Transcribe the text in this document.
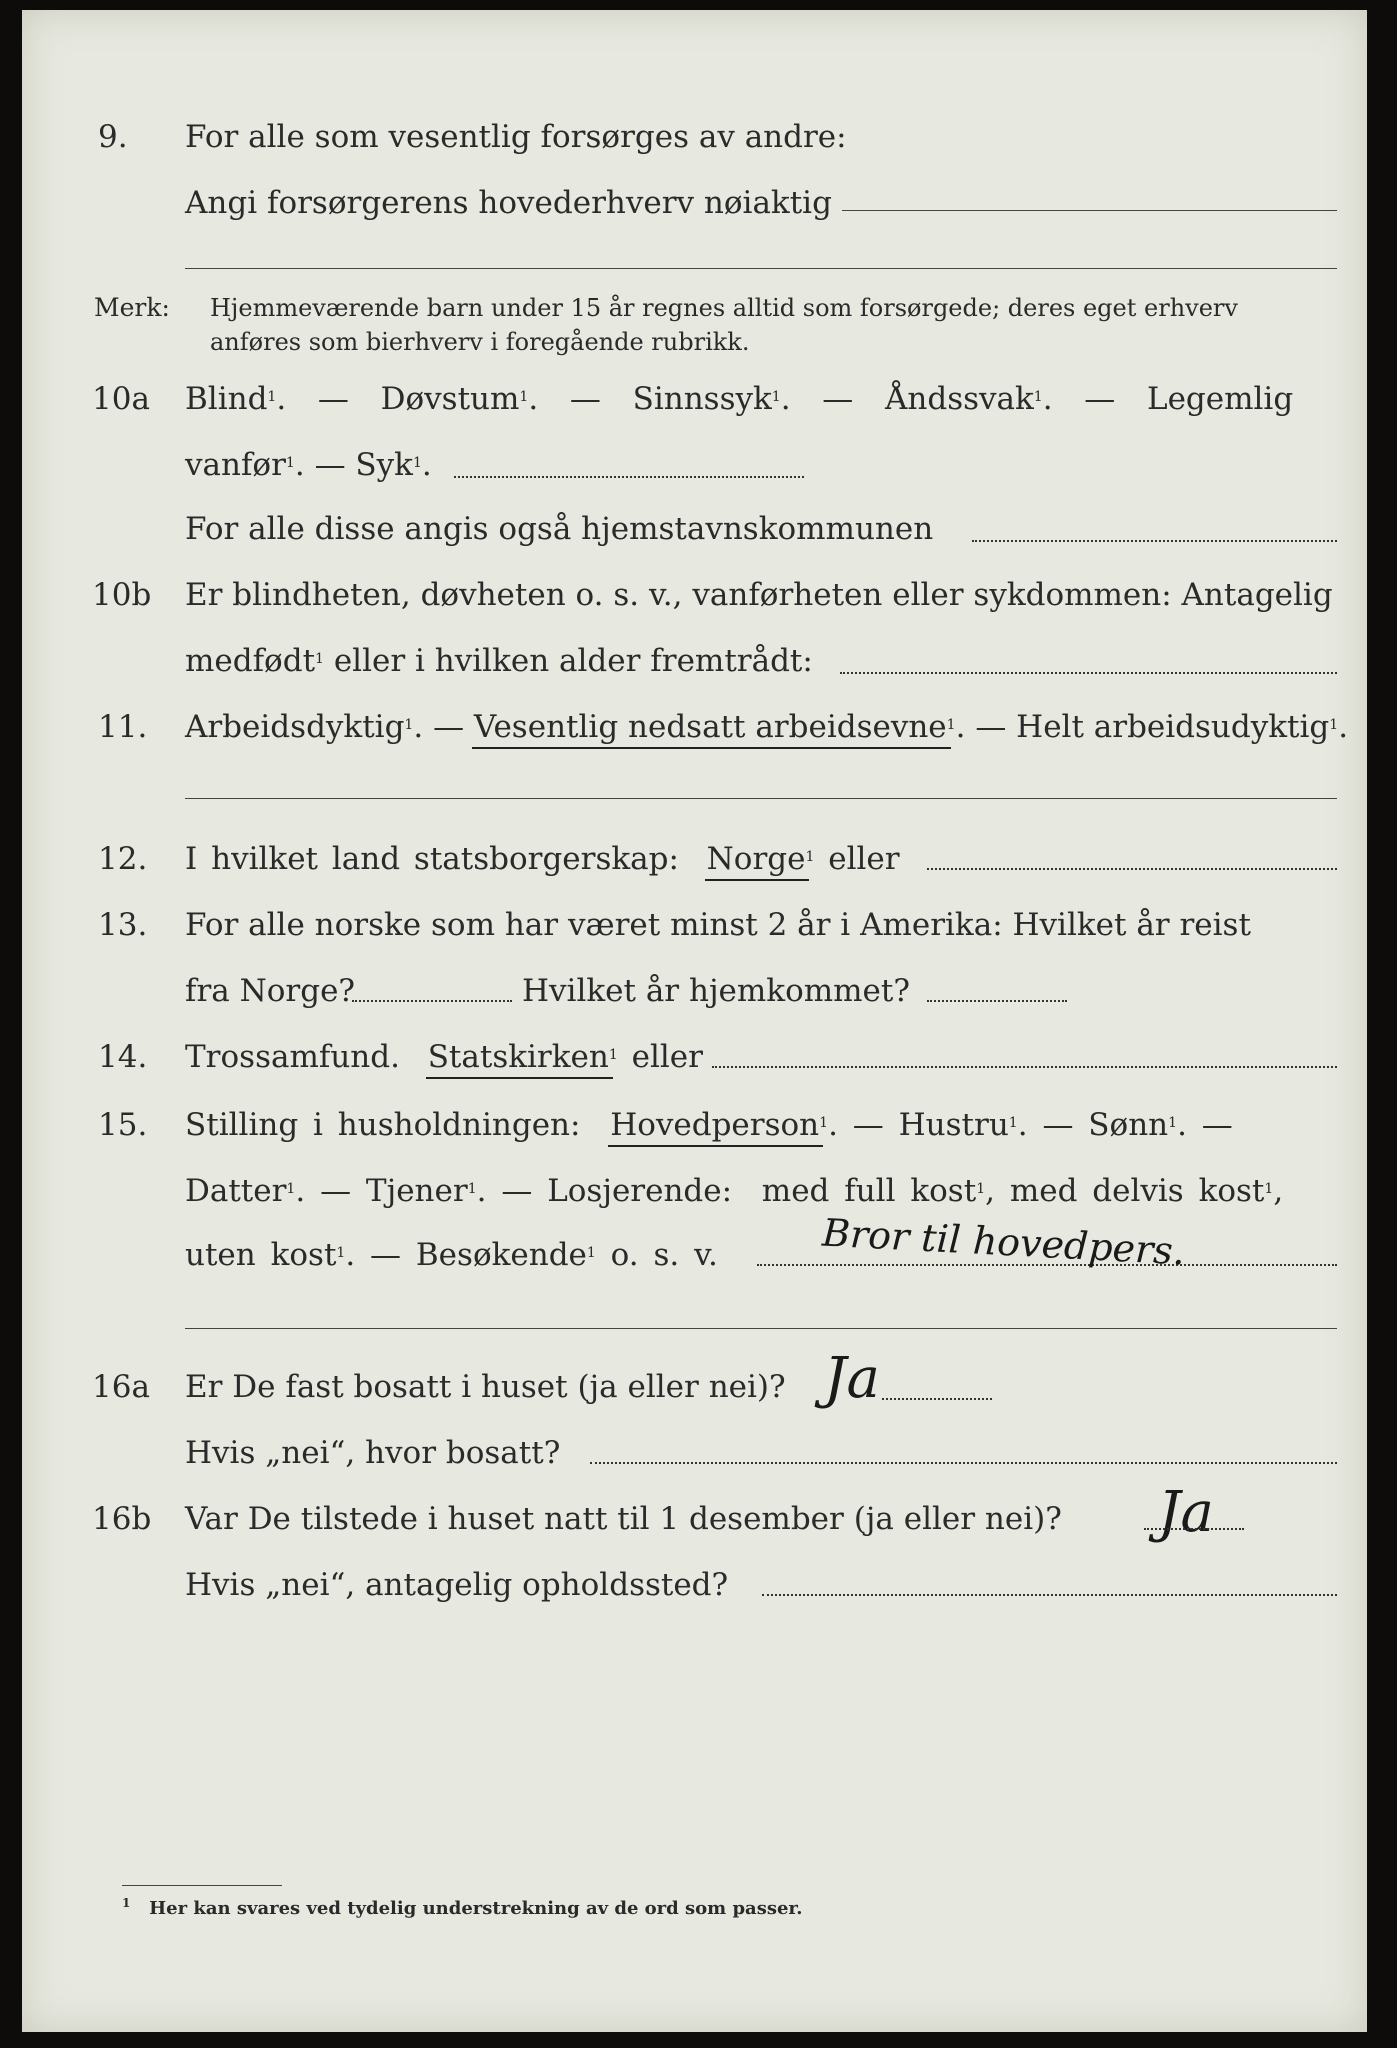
9. For alle som vesentlig forsørges av andre:
Angi forsørgerens hovederhverv nøiaktig
Merk: Hjemmeværende barn under 15 år regnes alltid som forsørgede; deres eget erhverv
anføres som bierhverv i foregående rubrikk.
10a Blind$^1$.  — Døvstum$^1$.  — Sinnssyk$^1$.  — Åndssvak$^1$.  — Legemlig
vanfør$^1$. — Syk$^1$.
For alle disse angis også hjemstavnskommunen
10b Er blindheten, døvheten o. s. v., vanførheten eller sykdommen: Antagelig
medfødt$^1$ eller i hvilken alder fremtrådt:
11. Arbeidsdyktig$^1$. — Vesentlig nedsatt arbeidsevne$^1$. — Helt arbeidsudyktig$^1$.
12. I hvilket land statsborgerskap: Norge$^1$ eller
13. For alle norske som har været minst 2 år i Amerika: Hvilket år reist
fra Norge?	Hvilket år hjemkommet?
14. Trossamfund. Statskirken$^1$ eller
15. Stilling i husholdningen: Hovedperson$^1$. — Hustru$^1$. — Sønn$^1$. —
Datter$^1$. — Tjener$^1$. — Losjerende: med full kost$^1$, med delvis kost$^1$,
uten kost$^1$. — Besøkende$^1$ o. s. v.	Bror til hovedpers.
16a Er De fast bosatt i huset (ja eller nei)? Ja
Hvis „nei“, hvor bosatt?
16b Var De tilstede i huset natt til 1 desember (ja eller nei)? Ja
Hvis „nei“, antagelig opholdssted?
$^1$ Her kan svares ved tydelig understrekning av de ord som passer.
